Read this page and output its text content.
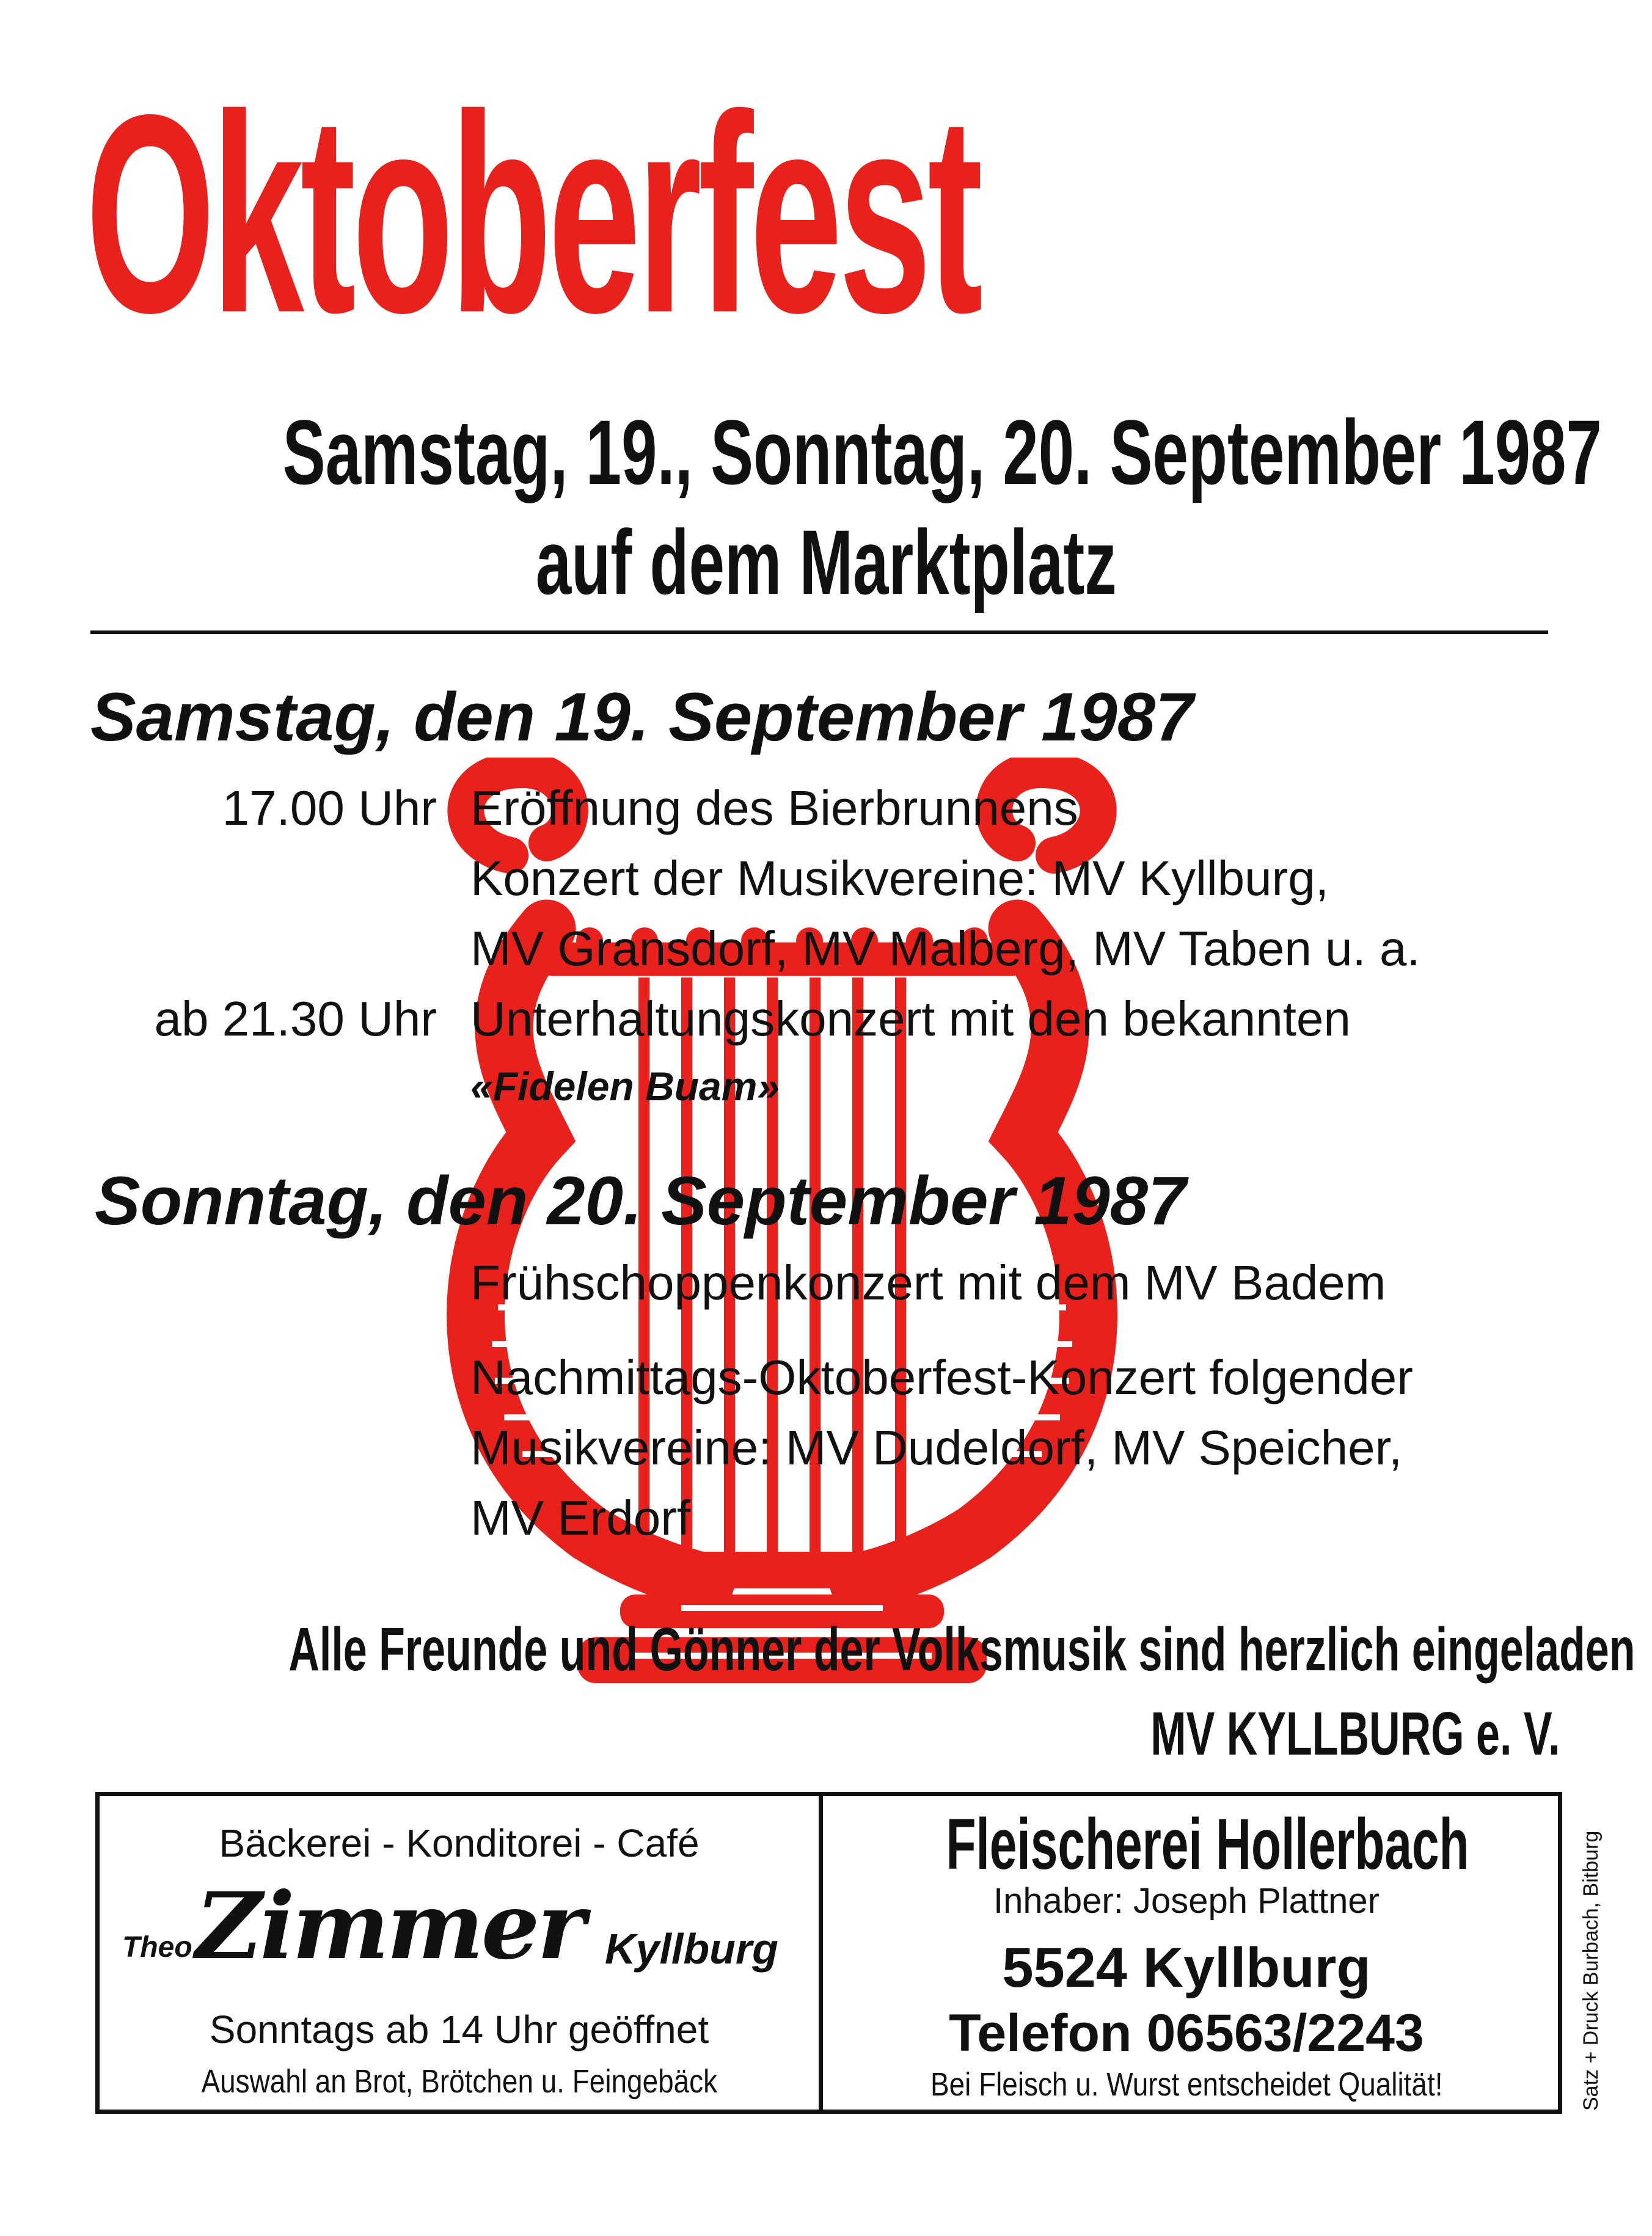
Oktoberfest
Samstag, 19., Sonntag, 20. September 1987
auf dem Marktplatz
Samstag, den 19. September 1987
17.00 Uhr Eröffnung des Bierbrunnens
Konzert der Musikvereine: MV Kyllburg,
MV Gransdorf, MV Malberg, MV Taben u. a.
ab 21.30 Uhr Unterhaltungskonzert mit den bekannten
«Fidelen Buam»
Sonntag, den 20. September 1987
Frühschoppenkonzert mit dem MV Badem
Nachmittags-Oktoberfest-Konzert folgender
Musikvereine: MV Dudeldorf, MV Speicher,
MV Erdorf
Alle Freunde und Gönner der Volksmusik sind herzlich eingeladen
MV KYLLBURG e. V.
Bäckerei - Konditorei - Café
Theo Zimmer Kyllburg
Sonntags ab 14 Uhr geöffnet
Auswahl an Brot, Brötchen u. Feingebäck
Fleischerei Hollerbach
Inhaber: Joseph Plattner
5524 Kyllburg
Telefon 06563/2243
Bei Fleisch u. Wurst entscheidet Qualität!	Satz + Druck Burbach, Bitburg
